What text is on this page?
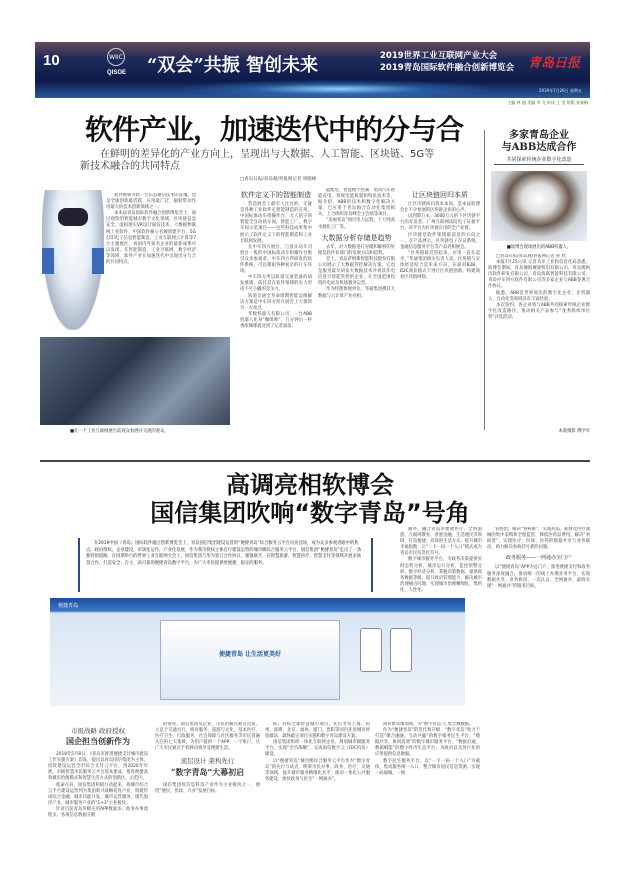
10	WIIC
QISOE “双会”共振 智创未来	2019世界工业互联网产业大会
2019青岛国际软件融合创新博览会 青岛日报
2019年7月26日 星期五
主编 林 超 美编 李 飞 审读 王 莹 排版 张春梅
软件产业，加速迭代中的分与合
在鲜明的差异化的产业方向上，呈现出与大数据、人工智能、区块链、5G等新技术融合的共同特点
□青岛日报/青岛观/青报网记者 周晓峰

软件被称为新一代信息通信技术的灵魂，也是全球创新最活跃、应用最广泛、辐射带动作用最大的技术创新领域之一。

本本届青岛国际软件融合创新博览会上，通过观察的智能城市数字文化领域，区块链信息安全、虚拟现实VR设计通信技术、大数据物联网工业软件、中国软件核心名城创建平台、5G打印电子信息智能制造、工业互联网云计算等7大主题展区，看国内外知名企业的最新成果可以发现，在智能制造、工业互联网、数字经济等领域，软件产业在加速迭代中呈现出分与合的共同特点。

■在一个工业互联网展台前观众看展并交流的观众。
软件定义下的智能制造

营造展会上最引人注目的，无疑是各种工业软件定智能制造的应用。中国标准动车组操作台，无人值守的智能全自动执车间，智能工厂，数字车间示范项目——这些科技成果集中展示了软件定义下的智能制造和工业互联网发展。

在中车四方展台，与真实动车司机台一般的中国标准动车组操作台吸引众多参观者。中车四方所研发的软件系统，可以模拟各种复杂的行车环境。

中车四方所以轨道交通装备的研发重镇，依托其在软件领域的实力形成不可小觑的竞争力。

轨道交通全寿命周期智能运维解决方案是中车四方所在展会上力推的另一大亮点。

华数机器人有限公司，一台ABB机器人化身“咖啡师”，几分钟后一杯香浓咖啡就送到了记者面前。

能配电、智能楼宇控制、电动汽车智能充电、常规电能质量和特电技术等，据介绍，ABB的技术和数字化解决方案，已应用于青岛海合自动化集团相关，上合组织青岛峰会主会场等项目。

“美丽青岛”项目电力远程，十万吨高水源化工厂等。

大数据分析存储是趋势

去年，对大数据进行存储和解析的处理是软件业部门的发展方向和趋势。

会上，青岛萨纳斯智能科技股份有限公司展示了大数据管控解决方案。它也是服务最早研发大数据技术并将其作电信进行智能管控的企业，在全国范围投资的电站及机场服务运营。

作为特邀参展单位，华通集团携其大数据与云计算产业亮相。

让区块链回归本质

让区块链回归技术本质，是本届软博会让不少参展的区块链企业的心声。

试到斯万永，3000万元的下区块链平台的开发者，广州互联网法院电子证据平台，该平台为区块链应用的全产业链。

区块链是软件领域最前沿的方向之一。在产品展示，区块链电子存证系统、金融信息服务平台等产品亮相展会。

“区块链最近热起来，应用一直在起步。”华通集团相关负责人说，区块链与实体经济结合是未来方向，在面对B2B，B2C商业模式下进行区块链创新，构建商业区块链网络。

多家青岛企业
与ABB达成合作
共同探索传统企业数字化改造
■软博会现场展出的ABB机器人。

□青岛日报/青岛观/青报网记者 孙 欣

本报7月25日讯 记者从市工业和信息化局获悉，软博会期间，青岛城阳城建机电有限公司、青岛澳柯玛软件研发有限公司、青岛海联智能科技有限公司、青岛中车四方软件有限公司等多家企业与ABB签署合作协议。

据悉，ABB是世界领先的数字化企业，在机器人、自动化等领域具有丰富经验。

本次签约，各企业将与ABB共同探索传统企业数字化改造路径，推动相关产品参与“优秀组织单位奖”评选活动。

本版摄影 傅学军
高调亮相软博会
国信集团吹响“数字青岛”号角
在2019中国（青岛）国际软件融合创新博览会上，青岛国信集团建设运营的“便捷青岛”综合服务云平台闪亮登场，成为众多参观者眼中的焦点。政府授权，企业建设，市场化运作，产业化发展，作为我市授权主体自行建设运营的城市级综合服务云平台，国信集团“便捷青岛”走出了一条独特的道路。在同期举行的世界工业互联网大会上，国信集团与华为签订合作协议，强强联手，在智慧旅游、智慧医疗、智慧支付等领域开展多场景合作，打造安全、自主、高可靠的便捷青岛数字平台，为广大市民提供更便捷、稳定的服务。
便捷青岛
便捷青岛 让生活更美好

通办，融合青岛市便捷医疗、全域旅游、互联网教育、普惠金融、生活便民等领域，打造便捷、高效的生活方式，提升城市幸福指数，让“一卡一码一个入口”模式成为青岛市民信息化符号。

数字城市服务平台，为政务决策提供实时态势分析、城市运行分析、监控预警分析、数字经济分析、掌握决策数据，提供政务数据等级，提升政府管理能力，解决城市治理痛点问题，实现城市治理精细化、集约化、人性化。

管协治，解决“看病难”，实现药品、耗材及医疗器械的集中采购和全程监管，降低医药品费用，解决“看病贵”，实现医疗、医保、医药的数据共享与业务联动，助力解决看病挂号难的问题。

政务服务——一网通办全门户

以“便捷青岛”APP为总门户，推进便捷支付和政务服务深度融合，推动统一的线上办理业务平台，实现数据共享、业务协同、一次认证、全网通办，最终实现“一网通办”的服务目标。

市级战略 政府授权
国企担当创新作为

2018年5月8日，《青岛市推进便捷支付城市建设工作实施方案》印发，提出以青岛国信集团为主体，投资建设运营全市综合支付云平台，到2020年年底，市级智慧市民服务云平台基本建成，推进便捷高效城市治理模式和智慧生活方式的创新区、示范区。

使命在肩，国信集团积极行动起来，将城市综合云平台建设运营列为集团新兴战略培育产业，构建形成综合金融、城市功能开发、城市运营服务、现代海洋产业、城市服务产业的“1+3”主业板块。

针对目前青岛市级应用APP数量多，政务办事流程多、各项信息数据分散

的情况，国信集团从企业、市民的痛点难点出发，立足于交通出行、商业服务、旅游与文化、基本医疗、医疗卫生、行政服务、社会保障与社区服务等市民普遍关注的七大领域，为用户提供一个APP，一个账户，让广大市民通过手机移动端享受便捷生活。

顶层设计 架构先行
“数字青岛”大幕初启

国信集团将信息科技产业作为主业板块之一，围绕“便民、优政、兴业”发展目标。

标，对标全球智慧城市项目，先后考察上海、杭州、深圳、北京、福州、厦门、贵阳等国内先进城市经验做法，最终敲定项目实施和数字青岛建设方案。

国信集团组织一体化互联网企业，规划城市级服务平台，实现“全市战略”，完成国信数字云（IDC机房）建设。

以“便捷青岛”城市级综合服务云平台作为“数字青岛”的先行与试点，统筹市民办事、政务、医疗、交通等领域，提升城市服务精细化水平，推动一体化公共服务建设，加快政务与民生“一网通办”。

商业繁荣地领域，为“数字青岛”汇集全数数据。

作为“便捷青岛”的迭代和升级，“数字青岛”致力于打造“聚合融通、互动共赢”的数字服务民生平台，“数据共享，协同高效”的数字城市服务平台，“数据打通，数据赋能”的数字经济生态平台，为政府以及各行业的应用提供信息数据。

数字民生服务平台，以“一卡一码一个入口”为载体，集成服务统一入口，整合城市居民信息资源，实现一码通城，一网
